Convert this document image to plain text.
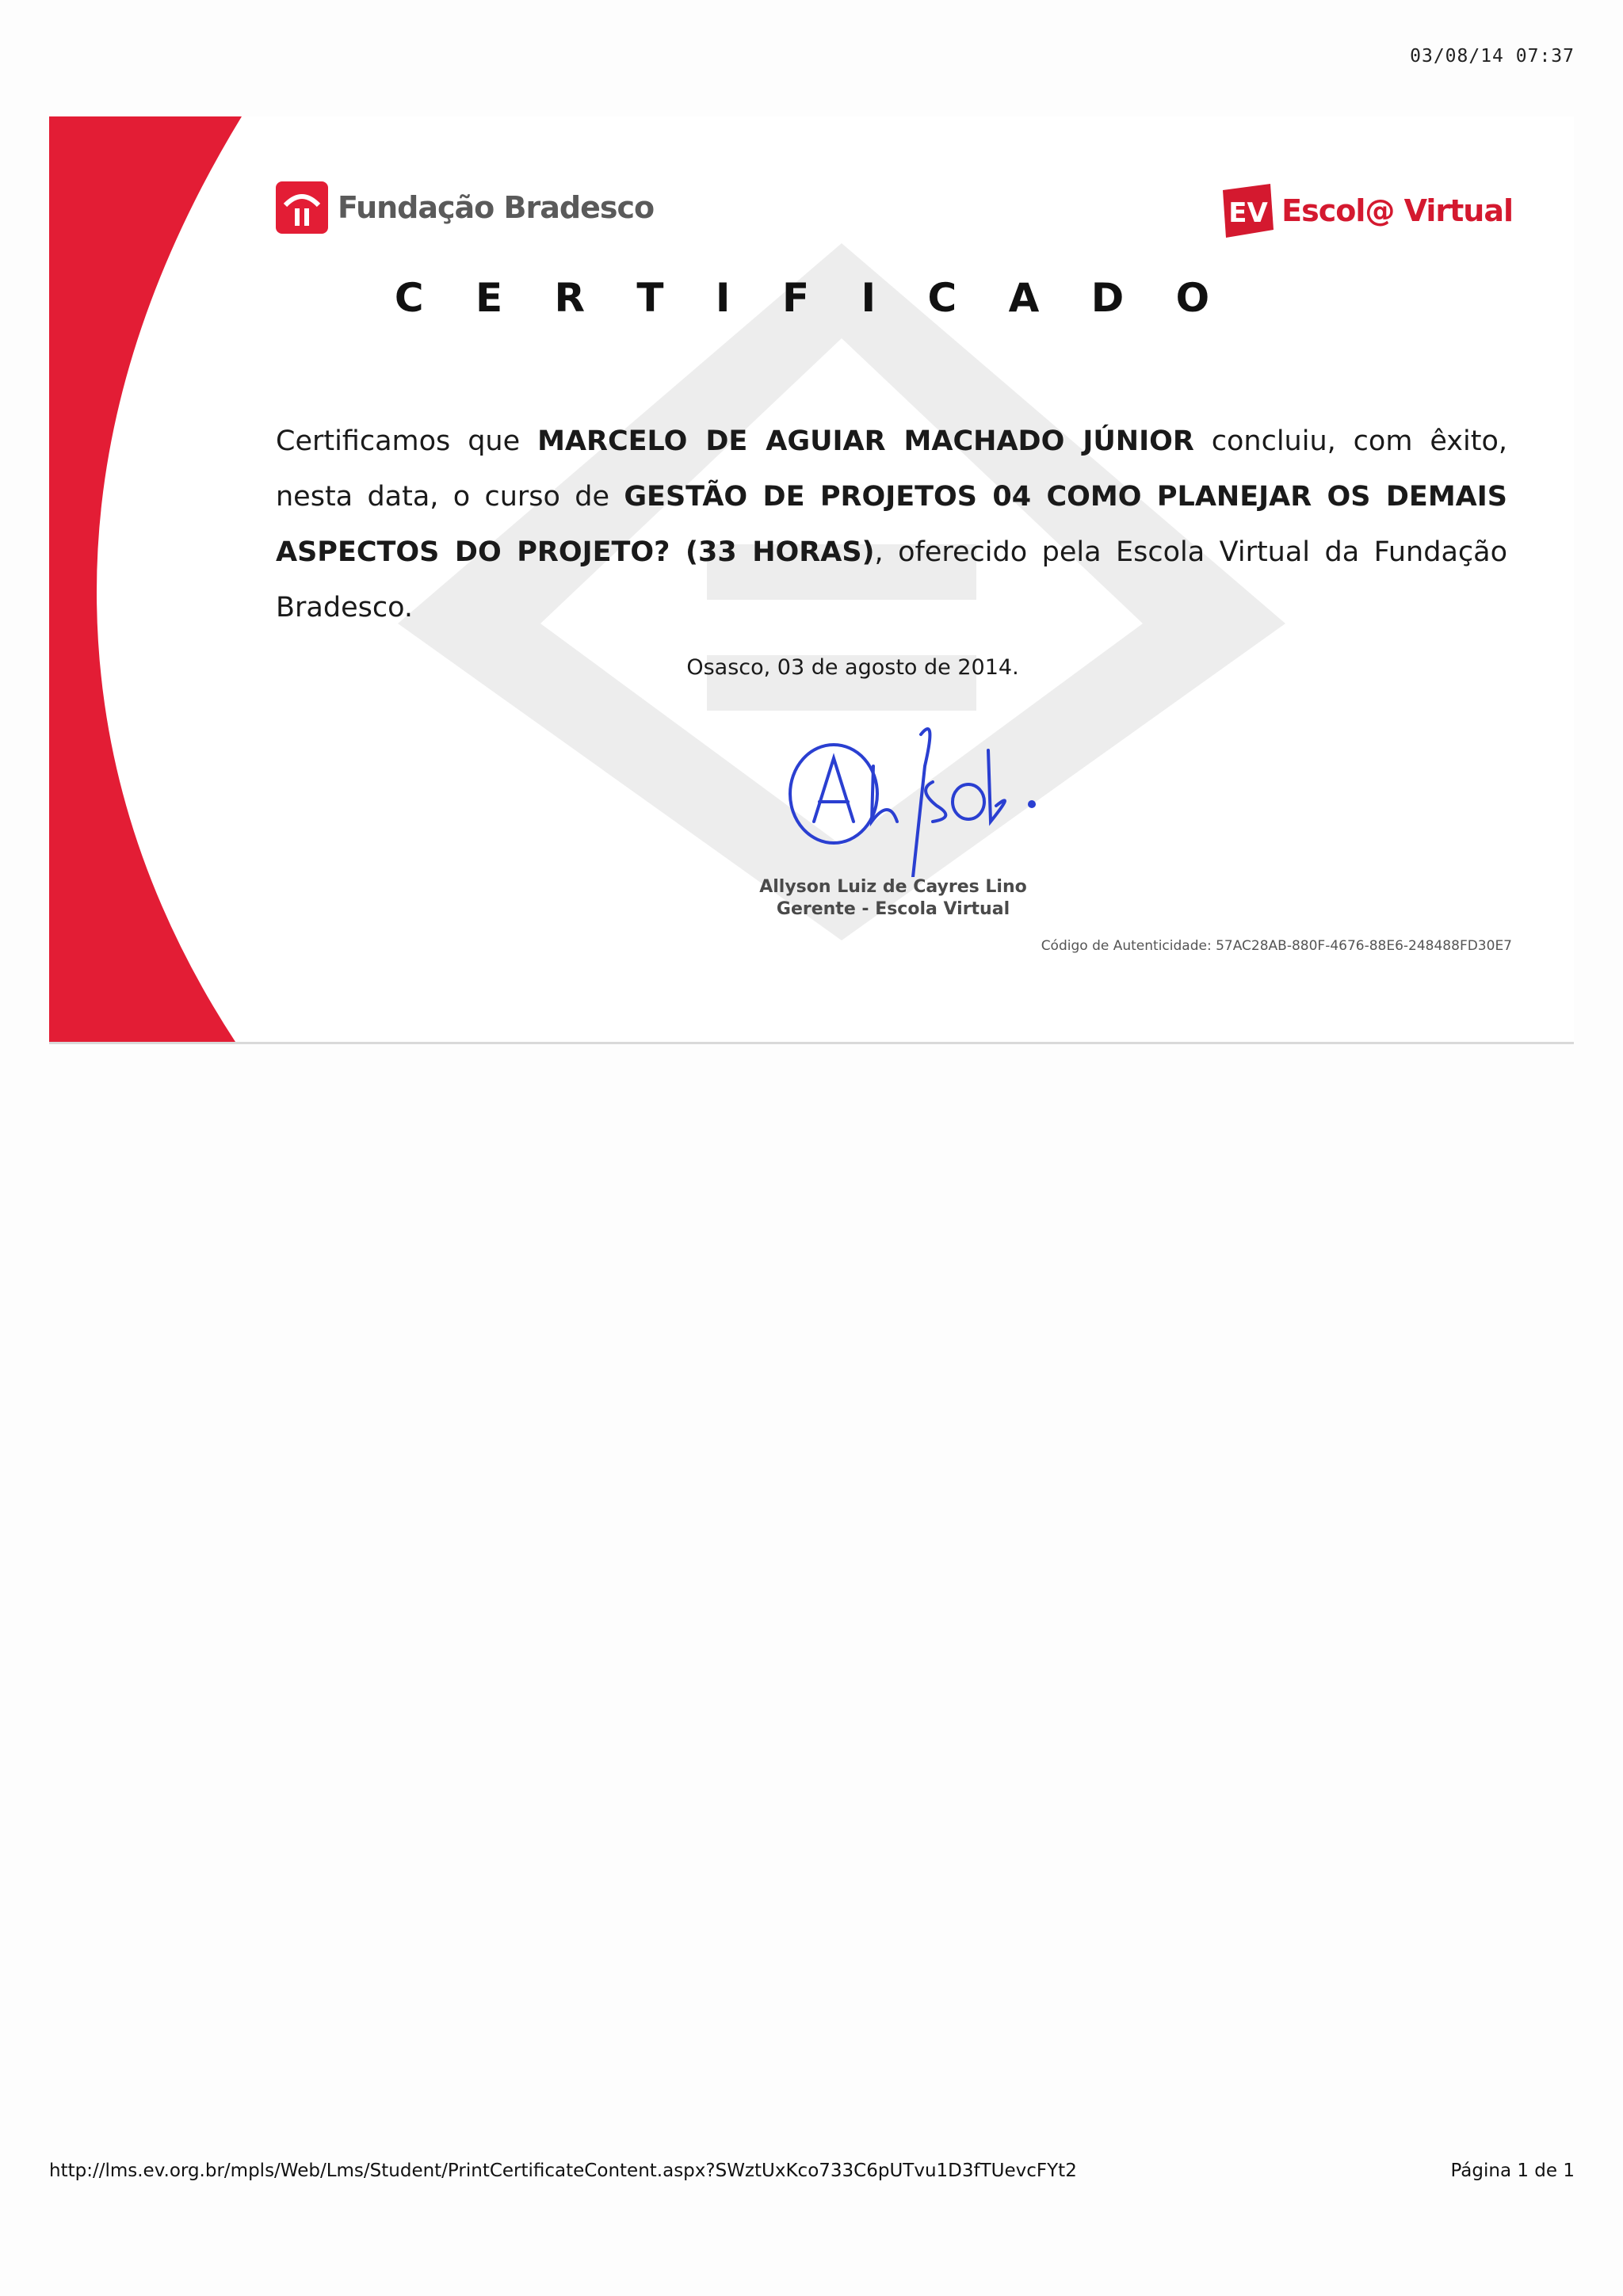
03/08/14 07:37
Fundação Bradesco	EV Escol@ Virtual
C E R T I F I C A D O
Certificamos que MARCELO DE AGUIAR MACHADO JÚNIOR concluiu, com êxito, nesta data, o curso de GESTÃO DE PROJETOS 04 COMO PLANEJAR OS DEMAIS ASPECTOS DO PROJETO? (33 HORAS), oferecido pela Escola Virtual da Fundação Bradesco.
Osasco, 03 de agosto de 2014.
Allyson Luiz de Cayres Lino
Gerente - Escola Virtual
Código de Autenticidade: 57AC28AB-880F-4676-88E6-248488FD30E7
http://lms.ev.org.br/mpls/Web/Lms/Student/PrintCertificateContent.aspx?SWztUxKco733C6pUTvu1D3fTUevcFYt2	Página 1 de 1
